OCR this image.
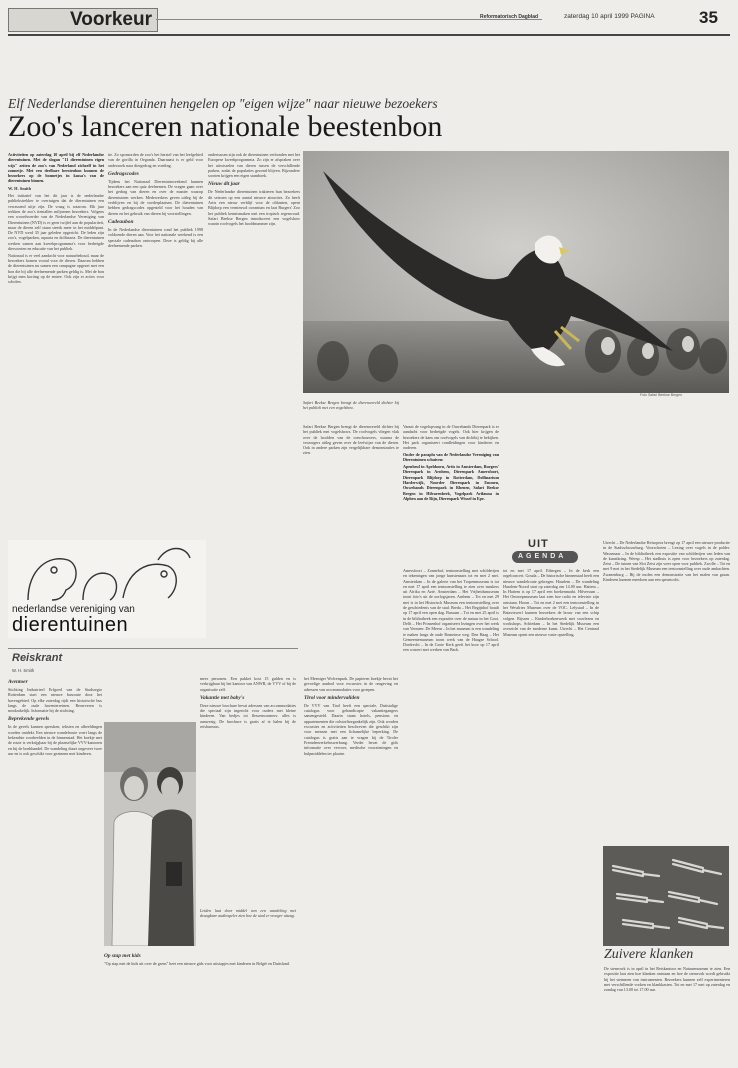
Voorkeur	Reformatorisch Dagblad	zaterdag 10 april 1999 PAGINA	35
Elf Nederlandse dierentuinen hengelen op "eigen wijze" naar nieuwe bezoekers
Zoo's lanceren nationale beestenbon

Activiteiten op zaterdag 10 april bij elf Nederlandse dierentuinen. Met de slogan "11 dierentuinen eigen wijs" zetten de zoo's van Nederland zichzelf in het zonnetje. Met een deelbare beestenbon kunnen de bezoekers op de bonnetjes in kassa's van de dierentuinen binnen.

W. H. Smith

Het initiatief van het dit jaar is de nederlandse publiekstrekker te overtuigen dat de dierentuinen een verrassend uitje zijn. De vraag is waarom. Elk jaar trekken de zoo's tientallen miljoenen bezoekers. Volgens een woordvoerder van de Nederlandse Vereniging van Dierentuinen (NVD) is er geen twijfel aan de populariteit, maar de dieren zelf staan steeds meer in het middelpunt. De NVD werd 35 jaar geleden opgericht. De leden zijn zoo's, vogelparken, aquaria en dolfinaria. De dierentuinen werken samen aan kweekprogramma's voor bedreigde diersoorten en educatie van het publiek.

Nationaal is er veel aandacht voor natuurbehoud, maar de bezoekers komen vooral voor de dieren. Daarom hebben de dierentuinen nu samen een campagne opgezet met een bon die bij alle deelnemende parken geldig is. Met de bon krijgt men korting op de entree. Ook zijn er acties voor scholen.

tie. Zo sponsorden de zoo's het herstel van het leefgebied van de gorilla in Oeganda. Daarnaast is er geld voor onderzoek naar diergedrag en voeding.

Gedragscodes

Tijdens het Nationaal Dierentuinweekend kunnen bezoekers aan een quiz deelnemen. De vragen gaan over het gedrag van dieren en over de manier waarop dierentuinen werken. Medewerkers geven uitleg bij de verblijven en bij de voederplaatsen. De dierentuinen hebben gedragscodes opgesteld voor het houden van dieren en het gebruik van dieren bij voorstellingen.

Cadeaubon

In de Nederlandse dierentuinen rond het publiek 1998 voldoende dieren aan. Voor het nationale weekend is een speciale cadeaubon ontworpen. Deze is geldig bij alle deelnemende parken.

ondertussen zijn ook de dierentuinen verbonden met het Europese kweekprogramma. Zo zijn er afspraken over het uitwisselen van dieren tussen de verschillende parken, zodat de populaties gezond blijven. Bijzondere soorten krijgen een eigen stamboek.

Nieuw dit jaar

De Nederlandse dierentuinen trakteren hun bezoekers dit seizoen op een aantal nieuwe attracties. Zo heeft Artis een nieuw verblijf voor de olifanten, opent Blijdorp een vernieuwd oceanium en laat Burgers' Zoo het publiek kennismaken met een tropisch regenwoud. Safari Beekse Bergen introduceert een vogelshow waarin roofvogels het hoofdnummer zijn.

Foto Safari Beekse Bergen

Safari Beekse Bergen brengt de dierenwereld dichter bij het publiek met een vogelshow.

Safari Beekse Bergen brengt de dierenwereld dichter bij het publiek met vogelshows. De roofvogels vliegen vlak over de hoofden van de toeschouwers, waarna de verzorgers uitleg geven over de leefwijze van de dieren. Ook in andere parken zijn vergelijkbare demonstraties te zien.

Vanuit de vogelopvang in de Ouwehands Dierenpark is er aandacht voor bedreigde vogels. Ook hier krijgen de bezoekers de kans om roofvogels van dichtbij te bekijken. Het park organiseert rondleidingen voor kinderen en ouderen.

Onder de paraplu van de Nederlandse Vereniging van Dierentuinen schuiven:

Apenheul in Apeldoorn, Artis in Amsterdam, Burgers' Dierenpark in Arnhem, Dierenpark Amersfoort, Dierenpark Blijdorp in Rotterdam, Dolfinarium Harderwijk, Noorder Dierenpark in Emmen, Ouwehands Dierenpark in Rhenen, Safari Beekse Bergen in Hilvarenbeek, Vogelpark Avifauna in Alphen aan de Rijn, Dierenpark Wissel in Epe.

nederlandse vereniging van
dierentuinen
Reiskrant
W. H. Smith

Aventoer

Stichting Industrieel Erfgoed van de Stadsregio Rotterdam start een nieuwe busroute door het havengebied. Op elke zaterdag rijdt een historische bus langs de oude haventerreinen. Reserveren is noodzakelijk. Informatie bij de stichting.

Beprekende gevels

In de gevels kunnen spreuken, teksten en afbeeldingen worden ontdekt. Een nieuwe wandelroute voert langs de bekendste voorbeelden in de binnenstad. Het boekje met de route is verkrijgbaar bij de plaatselijke VVV-kantoren en bij de boekhandel. De wandeling duurt ongeveer twee uur en is ook geschikt voor gezinnen met kinderen.

meer personen. Een pakket kost 15 gulden en is verkrijgbaar bij het kantoor van ANWB, de VVV of bij de organisatie zelf.

Vakantie met baby's

Deze nieuwe brochure bevat adressen van accommodaties die speciaal zijn ingericht voor ouders met kleine kinderen. Van bedjes tot flessenwarmers: alles is aanwezig. De brochure is gratis af te halen bij de reisbureaus.

Leiden laat door middel van een wandeling met draagbare audiospeler zien hoe de stad er vroeger uitzag.

Op stap met kids

"Op stap met de kids uit over de grens" heet een nieuwe gids voor uitstapjes met kinderen in België en Duitsland.

het Meeniger Wolvenpark. De papieren boekje bevat het gevoelige aanbod voor excursies in de omgeving en adressen van accommodaties voor groepen.

Tirol voor mindervaliden

De VVV van Tirol heeft een speciale, Duitstalige catalogus voor gehandicapte vakantiegangers samengesteld. Daarin staan hotels, pensions en appartementen die rolstoeltoegankelijk zijn. Ook worden excursies en activiteiten beschreven die geschikt zijn voor mensen met een lichamelijke beperking. De catalogus is gratis aan te vragen bij de Tiroler Fremdenverkehrswerbung. Verder bevat de gids informatie over vervoer, medische voorzieningen en hulpmiddelen ter plaatse.

UIT
AGENDA

Amersfoort – Zonnehof, tentoonstelling met schilderijen en tekeningen van jonge kunstenaars tot en met 2 mei. Amsterdam – In de galerie van het Tropenmuseum is tot en met 17 april een tentoonstelling te zien over maskers uit Afrika en Azië. Amsterdam – Het Vrijheidsmuseum toont foto's uit de oorlogsjaren. Arnhem – Tot en met 29 mei is in het Historisch Museum een tentoonstelling over de geschiedenis van de stad. Breda – Het Begijnhof houdt op 17 april een open dag. Bussum – Tot en met 25 april is in de bibliotheek een expositie over de natuur in het Gooi. Delft – Het Prinsenhof organiseert lezingen over het werk van Vermeer. De Meern – In het museum is een wandeling te maken langs de oude Romeinse weg. Den Haag – Het Gemeentemuseum toont werk van de Haagse School. Dordrecht – In de Grote Kerk geeft het koor op 17 april een concert met werken van Bach.

tot en met 17 april. Eibergen – In de kerk een orgelconcert. Gouda – De historische binnenstad heeft een nieuwe wandelroute gekregen. Haarlem – De wandeling Haarlem-Noord start op zaterdag om 14.00 uur. Hattem – In Hattem is op 17 april een boekenmarkt. Hilversum – Het Omroepmuseum laat zien hoe radio en televisie zijn ontstaan. Hoorn – Tot en met 2 mei een tentoonstelling in het Westfries Museum over de VOC. Lelystad – In de Bataviawerf kunnen bezoekers de bouw van een schip volgen. Rijssen – Kinderboekenweek met voorlezen en workshops. Schiedam – In het Stedelijk Museum een overzicht van de moderne kunst. Utrecht – Het Centraal Museum opent een nieuwe vaste opstelling.

Utrecht – De Nederlandse Reisopera brengt op 17 april een nieuwe productie in de Stadsschouwburg. Voorschoten – Lezing over vogels in de polder. Wassenaar – In de bibliotheek een expositie van schilderijen van leden van de kunstkring. Weesp – Het stadhuis is open voor bezoekers op zaterdag. Zeist – De tuinen van Slot Zeist zijn weer open voor publiek. Zwolle – Tot en met 9 mei in het Stedelijk Museum een tentoonstelling over oude ambachten. Zwanenburg – Bij de molen een demonstratie van het malen van graan. Kinderen kunnen meedoen aan een speurtocht.

Zuivere klanken

De stemvork is in april in het Reiskantoor en Natuurmuseum te zien. Een expositie laat zien hoe klanken ontstaan en hoe de stemvork wordt gebruikt bij het stemmen van instrumenten. Bezoekers kunnen zelf experimenteren met verschillende vorken en klankkasten. Tot en met 17 mei op zaterdag en zondag van 13.00 tot 17.00 uur.
